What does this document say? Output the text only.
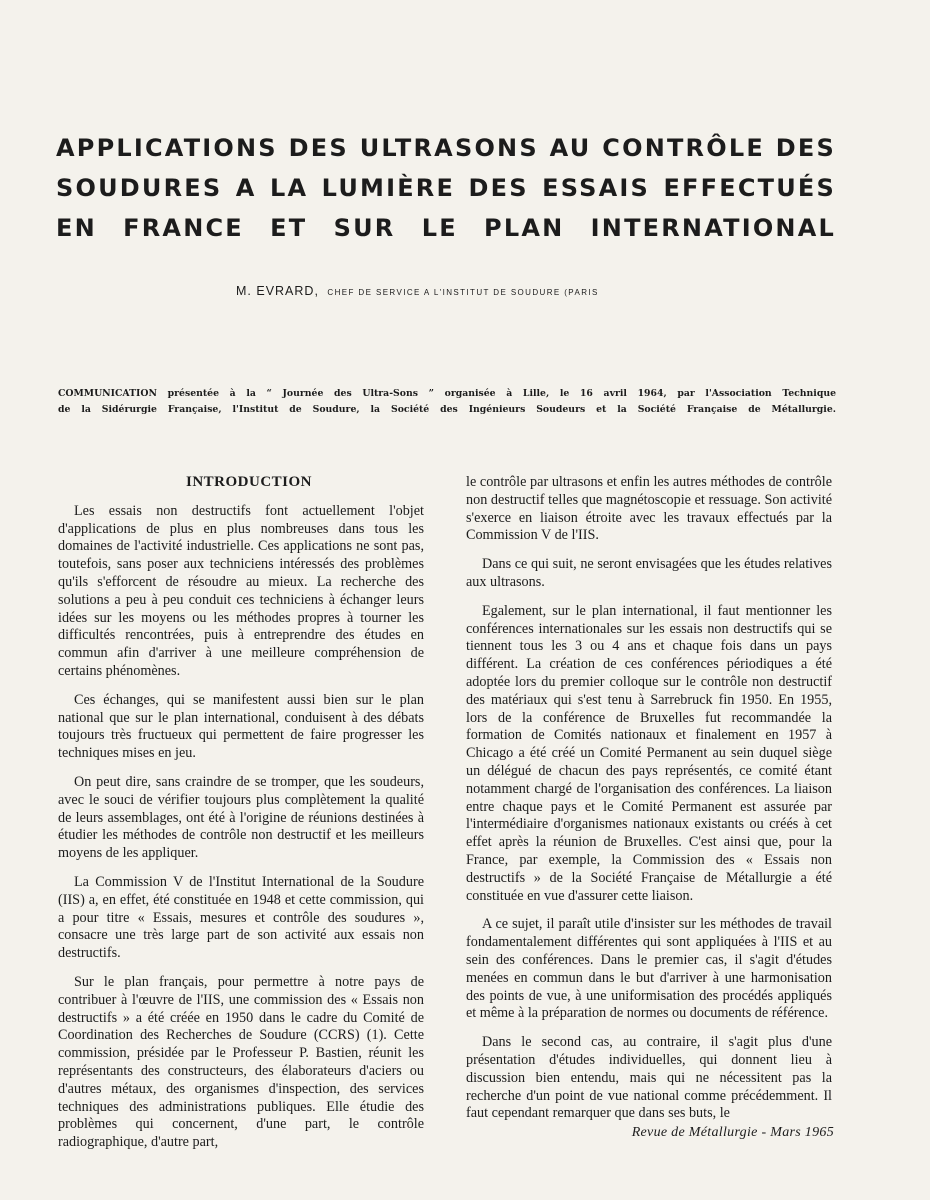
APPLICATIONS DES ULTRASONS AU CONTRÔLE DES
SOUDURES A LA LUMIÈRE DES ESSAIS EFFECTUÉS
EN FRANCE ET SUR LE PLAN INTERNATIONAL
M. EVRARD, CHEF DE SERVICE A L'INSTITUT DE SOUDURE (PARIS

COMMUNICATION présentée à la “ Journée des Ultra-Sons ” organisée à Lille, le 16 avril 1964, par l'Association Technique
de la Sidérurgie Française, l'Institut de Soudure, la Société des Ingénieurs Soudeurs et la Société Française de Métallurgie.

INTRODUCTION

Les essais non destructifs font actuellement l'objet d'applications de plus en plus nombreuses dans tous les domaines de l'activité industrielle. Ces applications ne sont pas, toutefois, sans poser aux techniciens intéressés des problèmes qu'ils s'efforcent de résoudre au mieux. La recherche des solutions a peu à peu conduit ces techniciens à échanger leurs idées sur les moyens ou les méthodes propres à tourner les difficultés rencontrées, puis à entreprendre des études en commun afin d'arriver à une meilleure compréhension de certains phénomènes.

Ces échanges, qui se manifestent aussi bien sur le plan national que sur le plan international, conduisent à des débats toujours très fructueux qui permettent de faire progresser les techniques mises en jeu.

On peut dire, sans craindre de se tromper, que les soudeurs, avec le souci de vérifier toujours plus complètement la qualité de leurs assemblages, ont été à l'origine de réunions destinées à étudier les méthodes de contrôle non destructif et les meilleurs moyens de les appliquer.

La Commission V de l'Institut International de la Soudure (IIS) a, en effet, été constituée en 1948 et cette commission, qui a pour titre « Essais, mesures et contrôle des soudures », consacre une très large part de son activité aux essais non destructifs.

Sur le plan français, pour permettre à notre pays de contribuer à l'œuvre de l'IIS, une commission des « Essais non destructifs » a été créée en 1950 dans le cadre du Comité de Coordination des Recherches de Soudure (CCRS) (1). Cette commission, présidée par le Professeur P. Bastien, réunit les représentants des constructeurs, des élaborateurs d'aciers ou d'autres métaux, des organismes d'inspection, des services techniques des administrations publiques. Elle étudie des problèmes qui concernent, d'une part, le contrôle radiographique, d'autre part,

le contrôle par ultrasons et enfin les autres méthodes de contrôle non destructif telles que magnétoscopie et ressuage. Son activité s'exerce en liaison étroite avec les travaux effectués par la Commission V de l'IIS.

Dans ce qui suit, ne seront envisagées que les études relatives aux ultrasons.

Egalement, sur le plan international, il faut mentionner les conférences internationales sur les essais non destructifs qui se tiennent tous les 3 ou 4 ans et chaque fois dans un pays différent. La création de ces conférences périodiques a été adoptée lors du premier colloque sur le contrôle non destructif des matériaux qui s'est tenu à Sarrebruck fin 1950. En 1955, lors de la conférence de Bruxelles fut recommandée la formation de Comités nationaux et finalement en 1957 à Chicago a été créé un Comité Permanent au sein duquel siège un délégué de chacun des pays représentés, ce comité étant notamment chargé de l'organisation des conférences. La liaison entre chaque pays et le Comité Permanent est assurée par l'intermédiaire d'organismes nationaux existants ou créés à cet effet après la réunion de Bruxelles. C'est ainsi que, pour la France, par exemple, la Commission des « Essais non destructifs » de la Société Française de Métallurgie a été constituée en vue d'assurer cette liaison.

A ce sujet, il paraît utile d'insister sur les méthodes de travail fondamentalement différentes qui sont appliquées à l'IIS et au sein des conférences. Dans le premier cas, il s'agit d'études menées en commun dans le but d'arriver à une harmonisation des points de vue, à une uniformisation des procédés appliqués et même à la préparation de normes ou documents de référence.

Dans le second cas, au contraire, il s'agit plus d'une présentation d'études individuelles, qui donnent lieu à discussion bien entendu, mais qui ne nécessitent pas la recherche d'un point de vue national comme précédemment. Il faut cependant remarquer que dans ses buts, le

Revue de Métallurgie - Mars 1965
